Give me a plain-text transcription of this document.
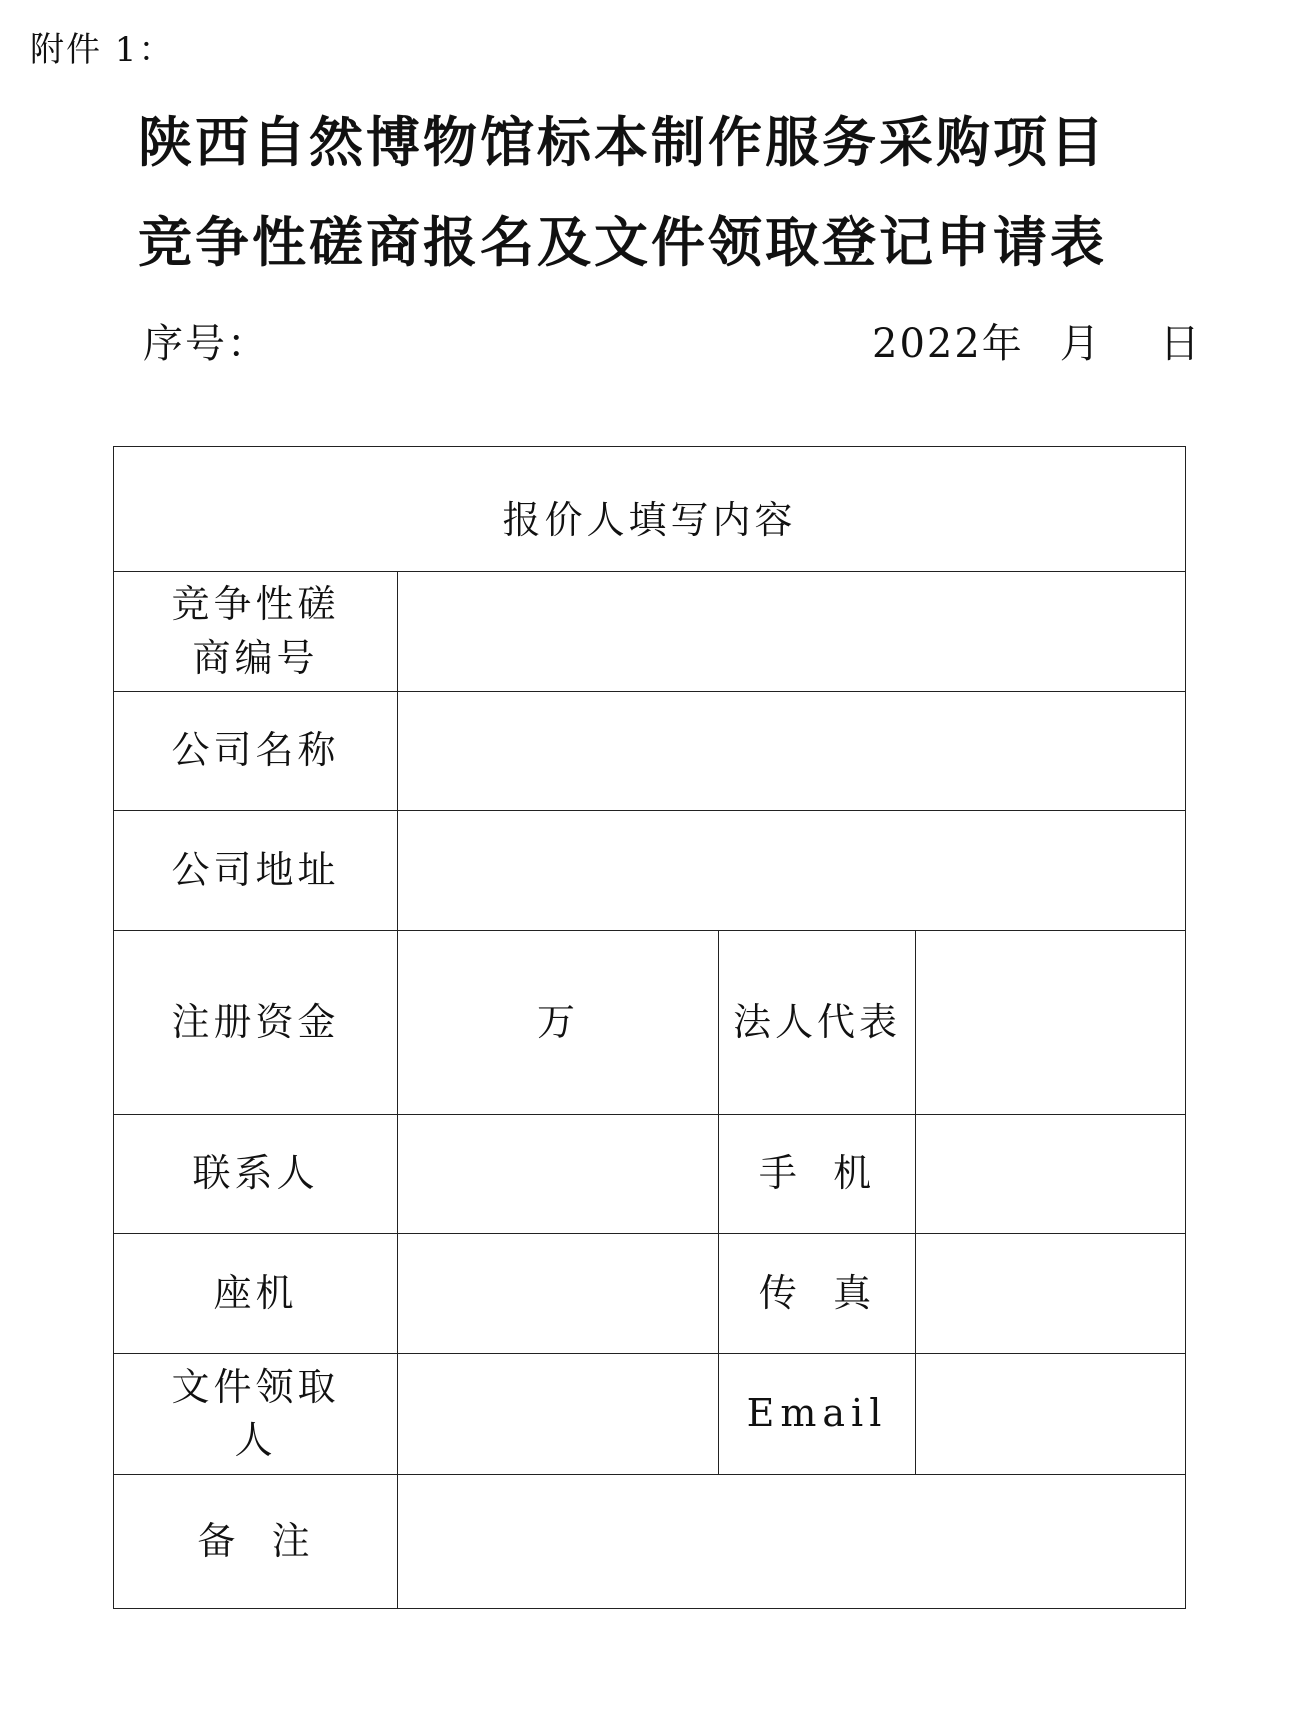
附件 1：
陕西自然博物馆标本制作服务采购项目
竞争性磋商报名及文件领取登记申请表
序号：	2022年 月 日
报价人填写内容			
竞争性磋商编号			
公司名称			
公司地址			
注册资金	万	法人代表	
联系人		手  机	
座机		传  真	
文件领取人		Email	
备  注			
